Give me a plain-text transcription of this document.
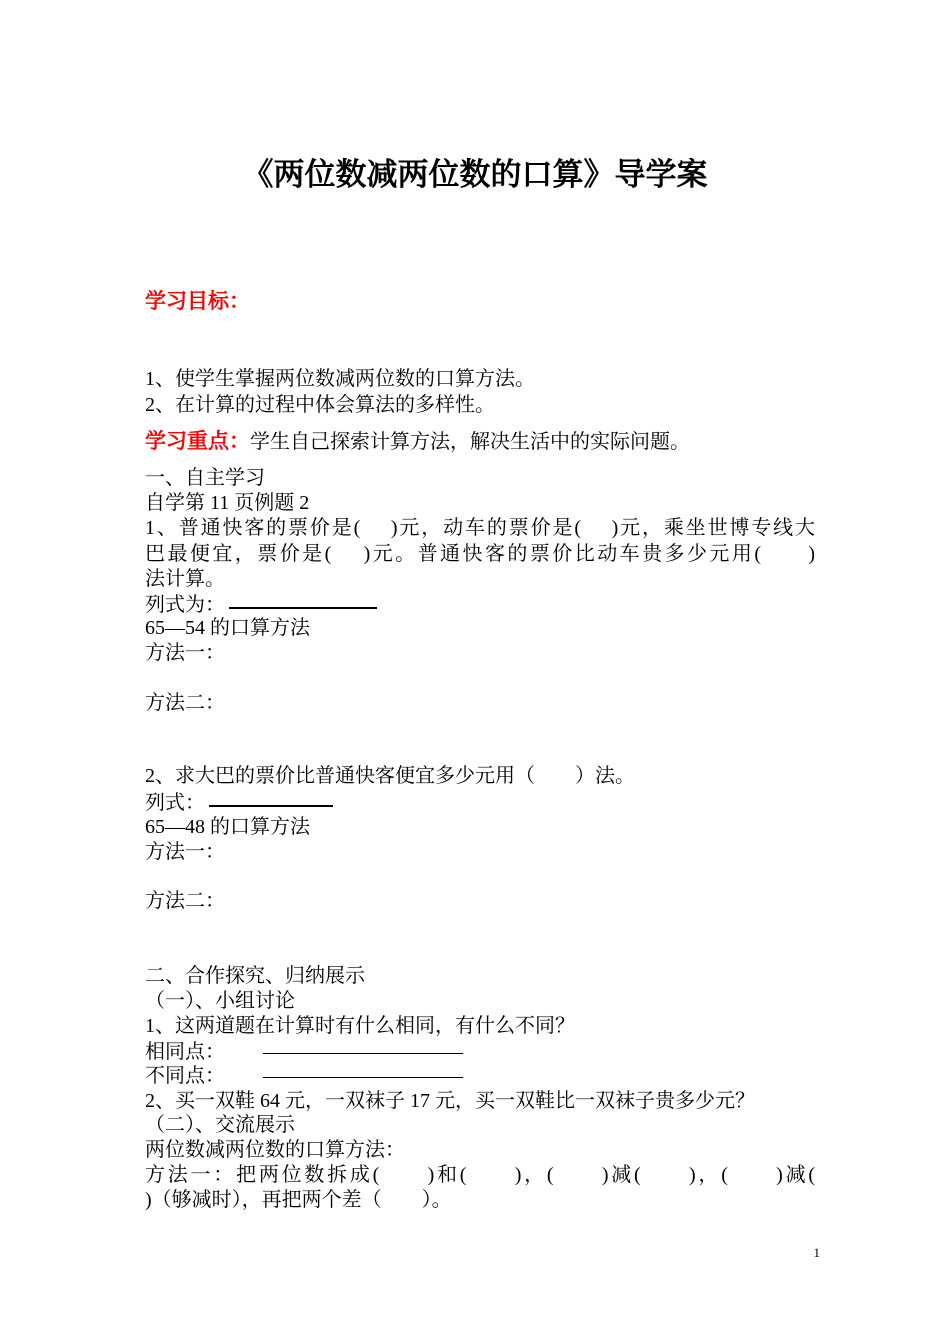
《两位数减两位数的口算》导学案
学习目标：
1、使学生掌握两位数减两位数的口算方法。
2、在计算的过程中体会算法的多样性。
学习重点：学生自己探索计算方法，解决生活中的实际问题。
一、自主学习
自学第 11 页例题 2
1、普通快客的票价是(　 )元，动车的票价是(　 )元，乘坐世博专线大
巴最便宜，票价是(　 )元。普通快客的票价比动车贵多少元用(　　)
法计算。
列式为：
65—54 的口算方法
方法一：
方法二：
2、求大巴的票价比普通快客便宜多少元用（　　）法。
列式：
65—48 的口算方法
方法一：
方法二：
二、合作探究、归纳展示
（一）、小组讨论
1、这两道题在计算时有什么相同，有什么不同？
相同点： ——————————
不同点： ——————————
2、买一双鞋 64 元，一双袜子 17 元，买一双鞋比一双袜子贵多少元？
（二）、交流展示
两位数减两位数的口算方法：
方法一：把两位数拆成(　　)和(　　)，(　　)减(　　)，(　　)减(
)（够减时），再把两个差（　　）。
1
